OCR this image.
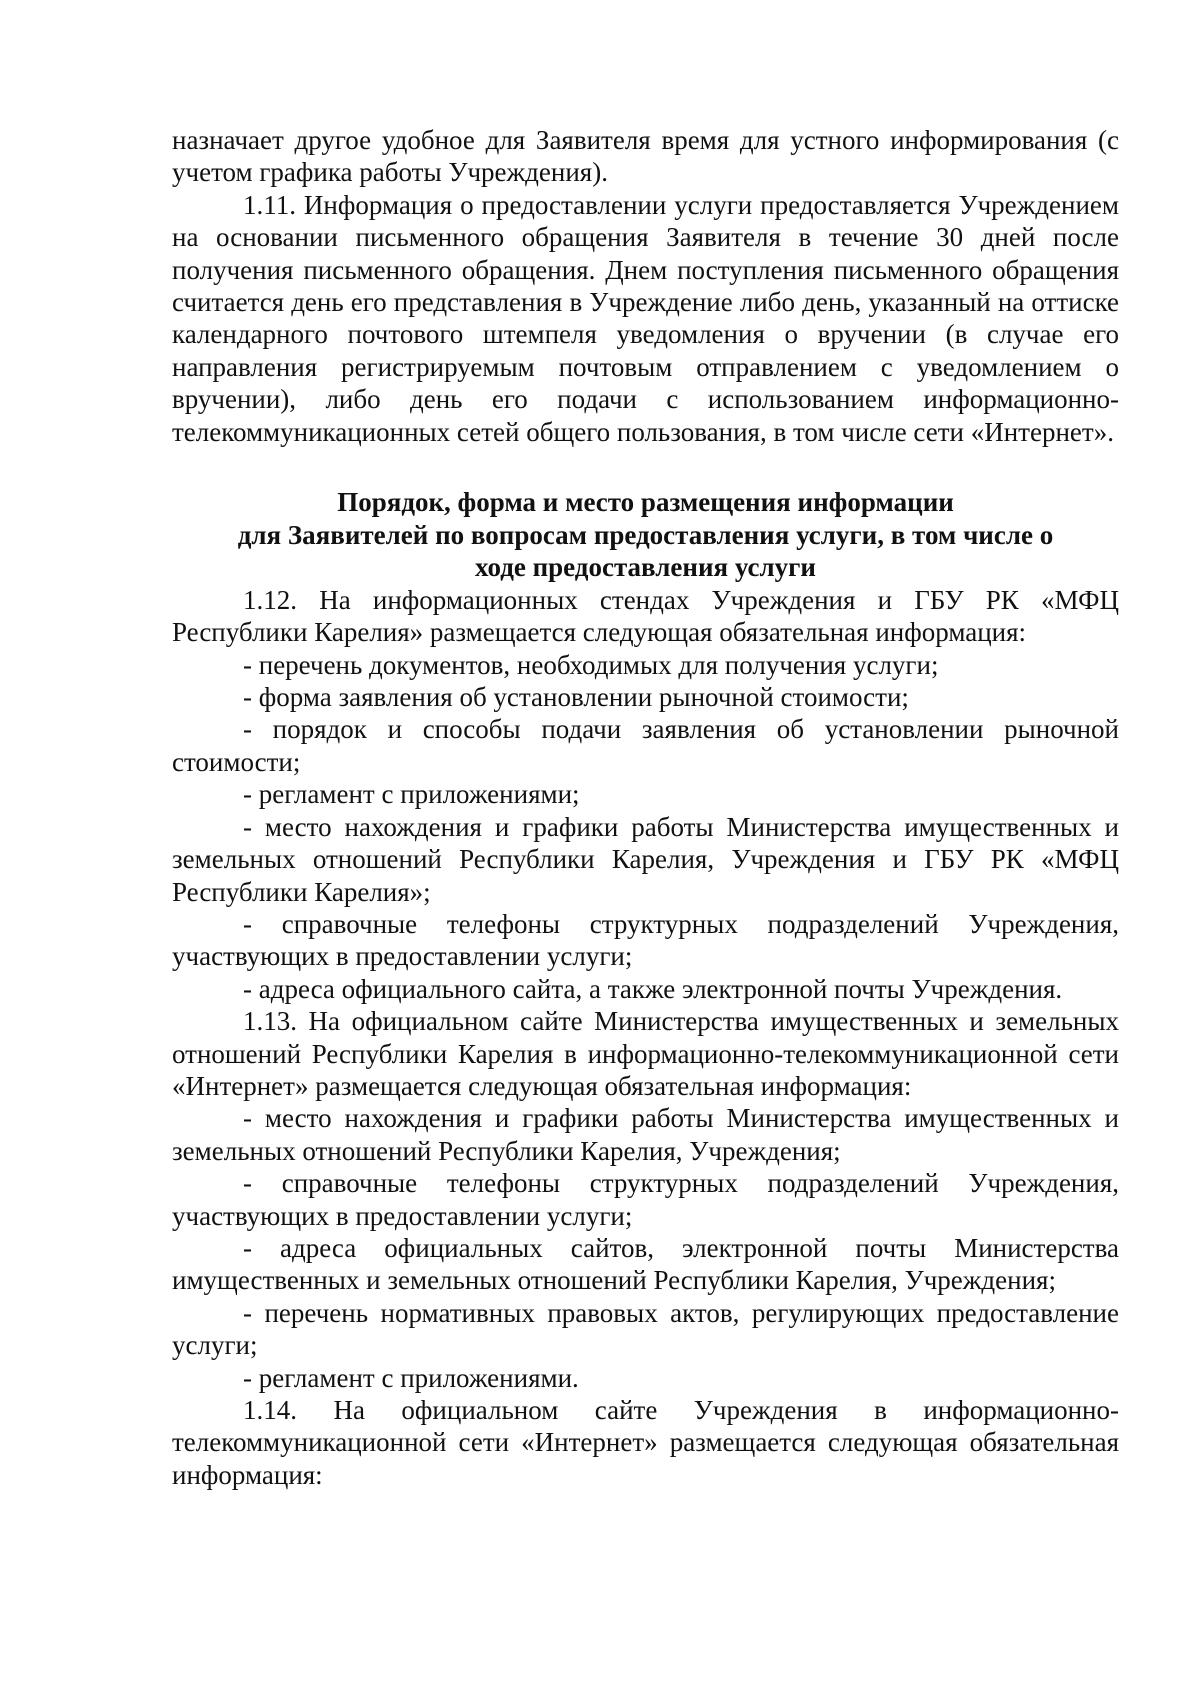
назначает другое удобное для Заявителя время для устного информирования (с учетом графика работы Учреждения).

1.11. Информация о предоставлении услуги предоставляется Учреждением на основании письменного обращения Заявителя в течение 30 дней после получения письменного обращения. Днем поступления письменного обращения считается день его представления в Учреждение либо день, указанный на оттиске календарного почтового штемпеля уведомления о вручении (в случае его направления регистрируемым почтовым отправлением с уведомлением о вручении), либо день его подачи с использованием информационно-телекоммуникационных сетей общего пользования, в том числе сети «Интернет».

Порядок, форма и место размещения информации
для Заявителей по вопросам предоставления услуги, в том числе о
ходе предоставления услуги

1.12. На информационных стендах Учреждения и ГБУ РК «МФЦ Республики Карелия» размещается следующая обязательная информация:

- перечень документов, необходимых для получения услуги;

- форма заявления об установлении рыночной стоимости;

- порядок и способы подачи заявления об установлении рыночной стоимости;

- регламент с приложениями;

- место нахождения и графики работы Министерства имущественных и земельных отношений Республики Карелия, Учреждения и ГБУ РК «МФЦ Республики Карелия»;

- справочные телефоны структурных подразделений Учреждения, участвующих в предоставлении услуги;

- адреса официального сайта, а также электронной почты Учреждения.

1.13. На официальном сайте Министерства имущественных и земельных отношений Республики Карелия в информационно-телекоммуникационной сети «Интернет» размещается следующая обязательная информация:

- место нахождения и графики работы Министерства имущественных и земельных отношений Республики Карелия, Учреждения;

- справочные телефоны структурных подразделений Учреждения, участвующих в предоставлении услуги;

- адреса официальных сайтов, электронной почты Министерства имущественных и земельных отношений Республики Карелия, Учреждения;

- перечень нормативных правовых актов, регулирующих предоставление услуги;

- регламент с приложениями.

1.14. На официальном сайте Учреждения в информационно-телекоммуникационной сети «Интернет» размещается следующая обязательная информация:
